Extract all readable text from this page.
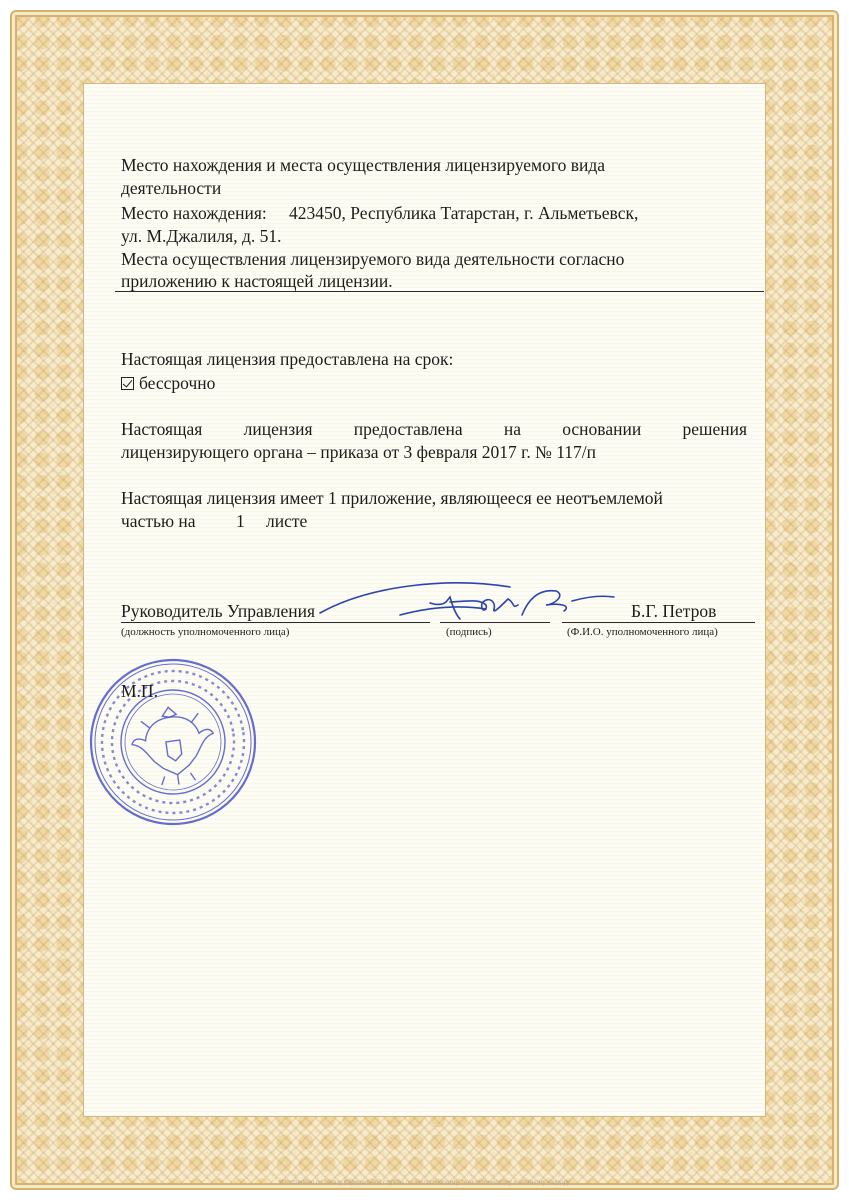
Место нахождения и места осуществления лицензируемого вида

деятельности

Место нахождения: 423450, Республика Татарстан, г. Альметьевск,

ул. М.Джалиля, д. 51.

Места осуществления лицензируемого вида деятельности согласно

приложению к настоящей лицензии.

Настоящая лицензия предоставлена на срок:

бессрочно

Настоящая лицензия предоставлена на основании решения

лицензирующего органа – приказа от 3 февраля 2017 г. № 117/п

Настоящая лицензия имеет 1 приложение, являющееся ее неотъемлемой

частью на 1 листе

Руководитель Управления	Б.Г. Петров

(должность уполномоченного лица)	(подпись)	(Ф.И.О. уполномоченного лица)

М.П.

Изготовлено по заказу Федеральной службы по экологическому, технологическому и атомному надзору
